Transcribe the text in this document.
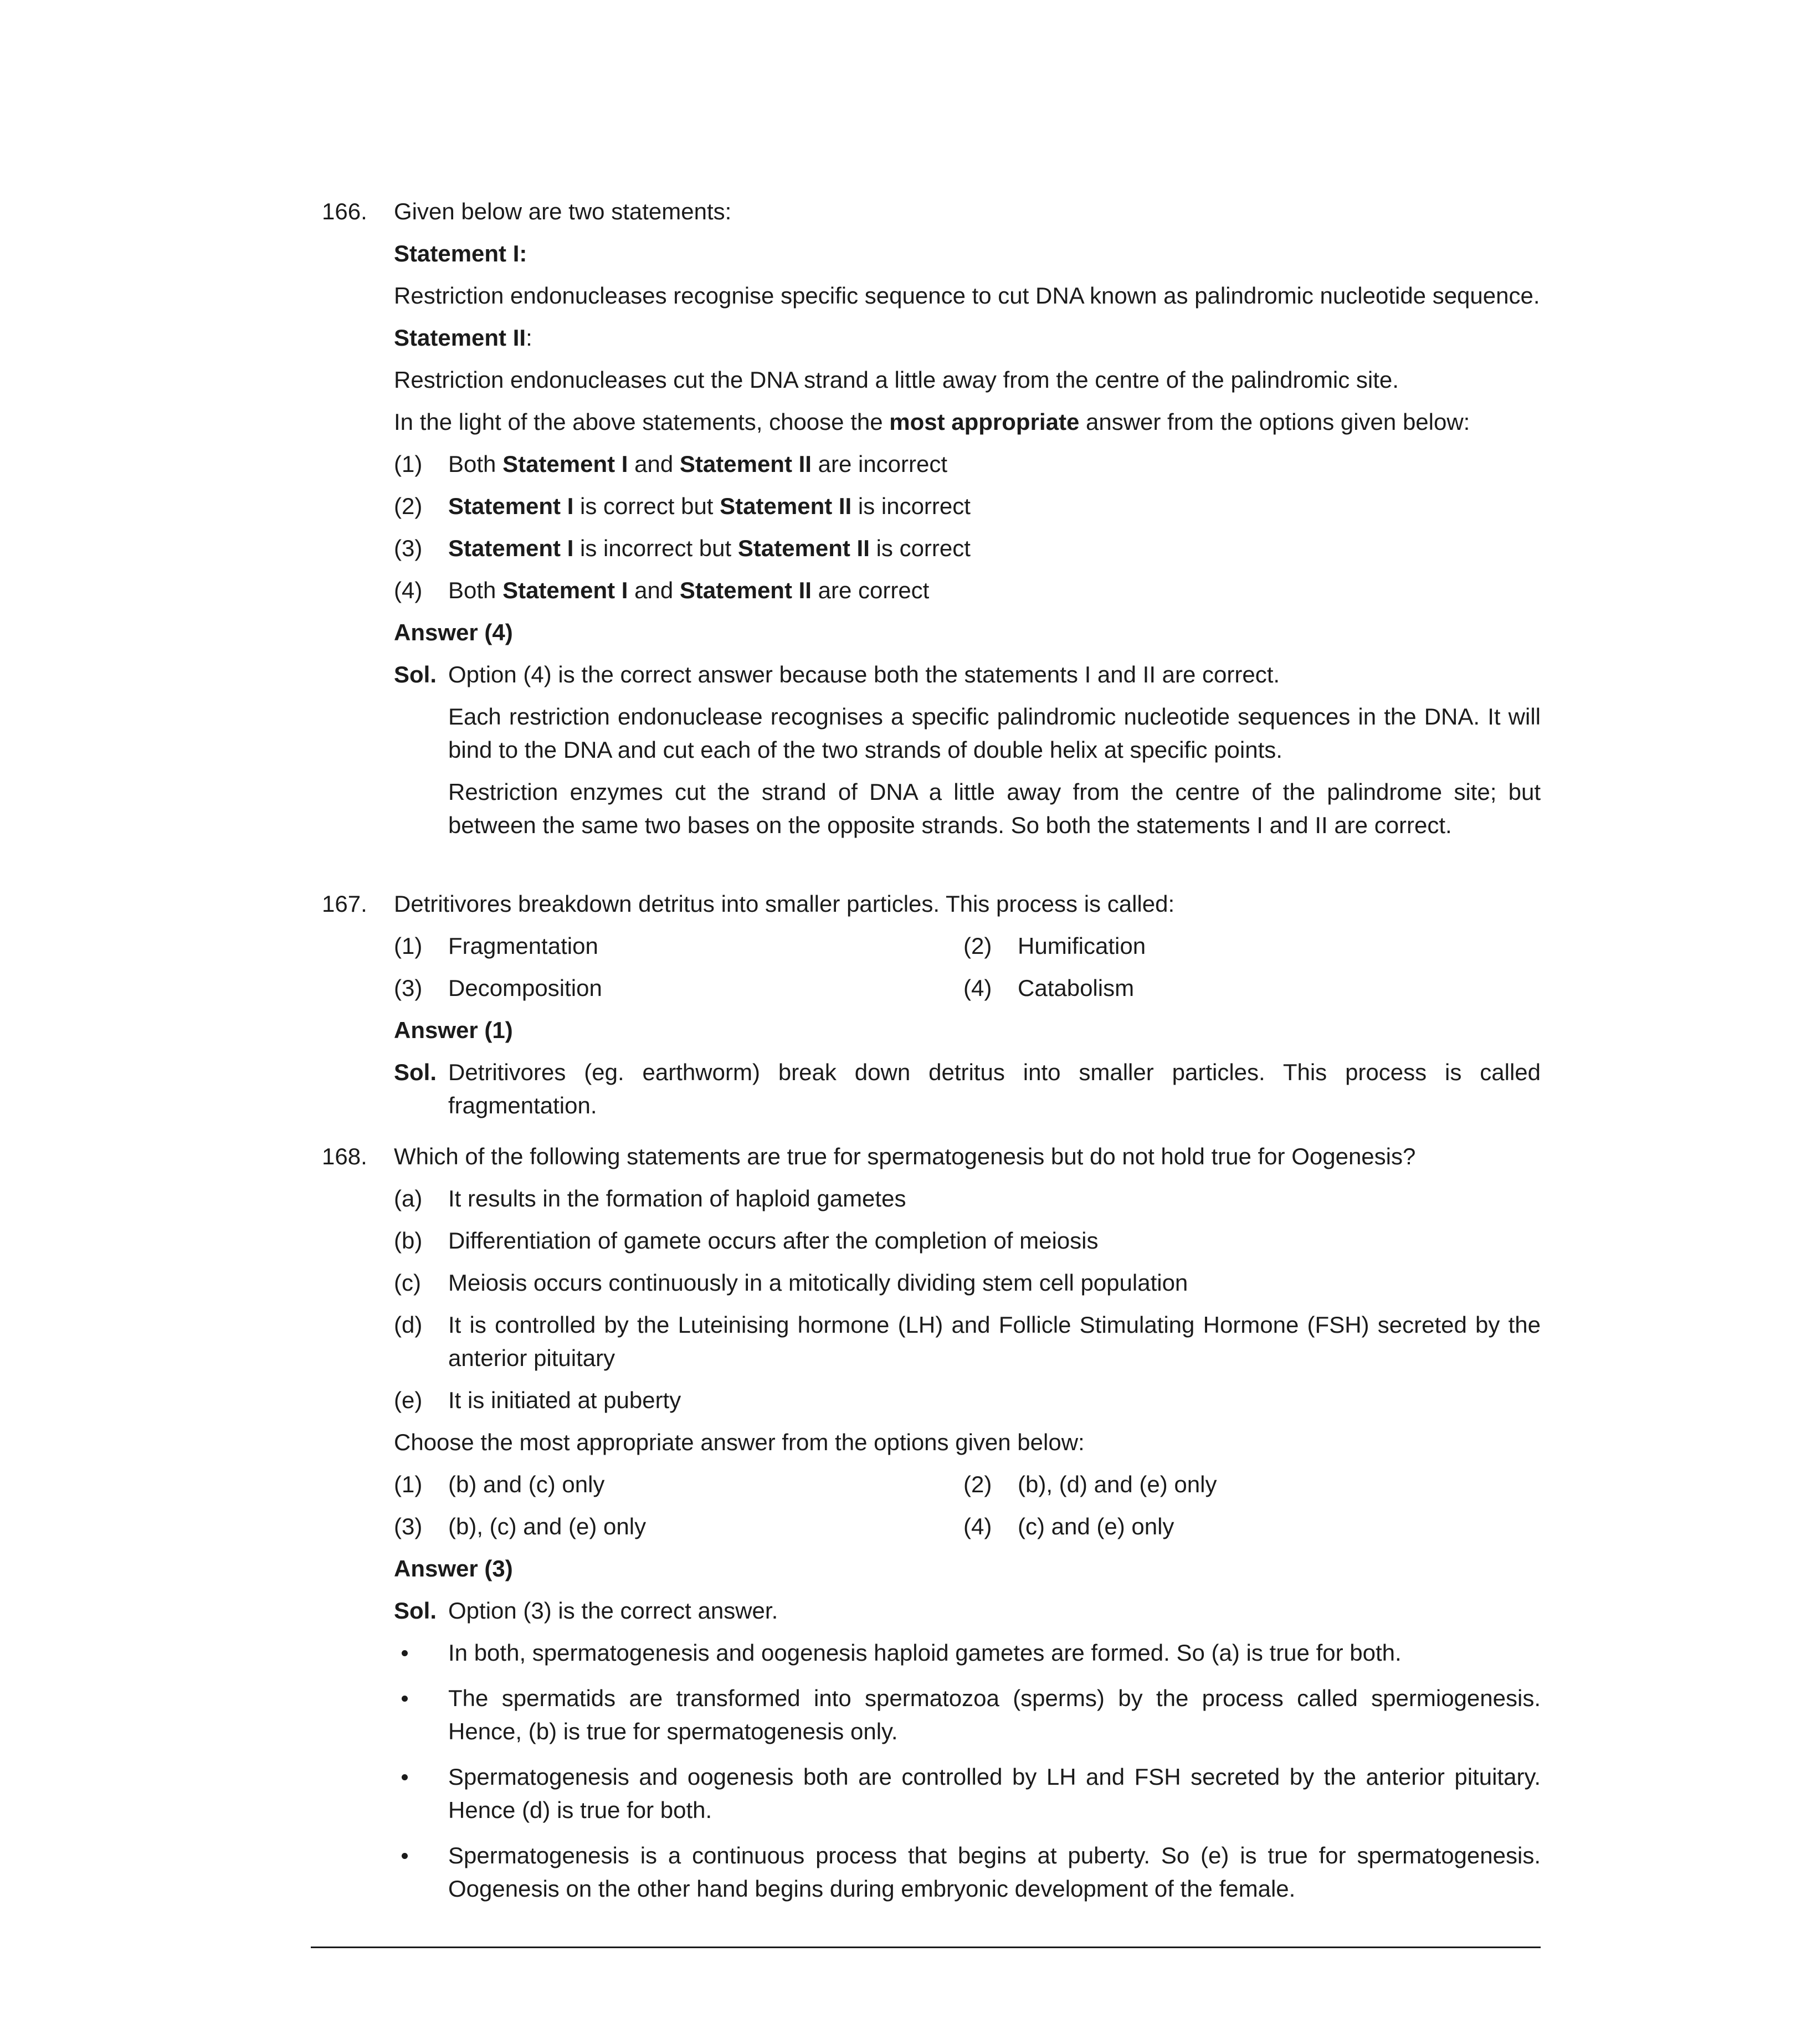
166. Given below are two statements:
Statement I:
Restriction endonucleases recognise specific sequence to cut DNA known as palindromic nucleotide sequence.
Statement II:
Restriction endonucleases cut the DNA strand a little away from the centre of the palindromic site.
In the light of the above statements, choose the most appropriate answer from the options given below:
(1)	Both Statement I and Statement II are incorrect
(2)	Statement I is correct but Statement II is incorrect
(3)	Statement I is incorrect but Statement II is correct
(4)	Both Statement I and Statement II are correct
Answer (4)
Sol. Option (4) is the correct answer because both the statements I and II are correct.
Each restriction endonuclease recognises a specific palindromic nucleotide sequences in the DNA. It will bind to the DNA and cut each of the two strands of double helix at specific points.
Restriction enzymes cut the strand of DNA a little away from the centre of the palindrome site; but between the same two bases on the opposite strands. So both the statements I and II are correct.
167. Detritivores breakdown detritus into smaller particles. This process is called:
(1)	Fragmentation	(2)	Humification
(3)	Decomposition	(4)	Catabolism
Answer (1)
Sol. Detritivores (eg. earthworm) break down detritus into smaller particles. This process is called fragmentation.
168. Which of the following statements are true for spermatogenesis but do not hold true for Oogenesis?
(a)	It results in the formation of haploid gametes
(b)	Differentiation of gamete occurs after the completion of meiosis
(c)	Meiosis occurs continuously in a mitotically dividing stem cell population
(d)	It is controlled by the Luteinising hormone (LH) and Follicle Stimulating Hormone (FSH) secreted by the anterior pituitary
(e)	It is initiated at puberty
Choose the most appropriate answer from the options given below:
(1)	(b) and (c) only	(2)	(b), (d) and (e) only
(3)	(b), (c) and (e) only	(4)	(c) and (e) only
Answer (3)
Sol. Option (3) is the correct answer.
In both, spermatogenesis and oogenesis haploid gametes are formed. So (a) is true for both.
The spermatids are transformed into spermatozoa (sperms) by the process called spermiogenesis. Hence, (b) is true for spermatogenesis only.
Spermatogenesis and oogenesis both are controlled by LH and FSH secreted by the anterior pituitary. Hence (d) is true for both.
Spermatogenesis is a continuous process that begins at puberty. So (e) is true for spermatogenesis. Oogenesis on the other hand begins during embryonic development of the female.
